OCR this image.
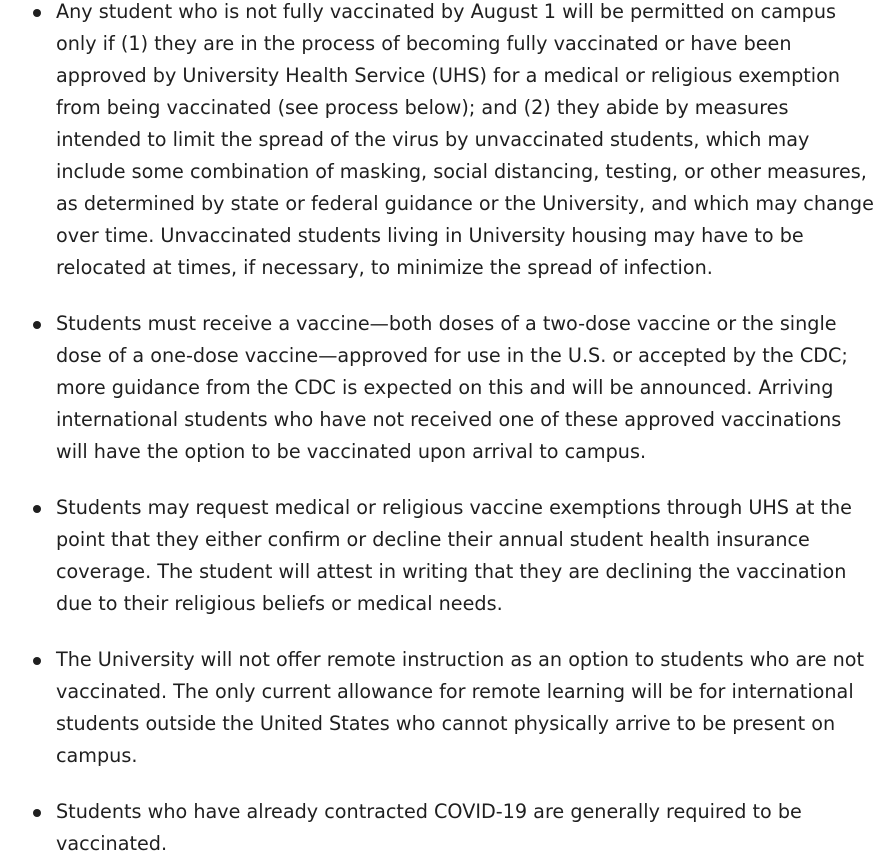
Any student who is not fully vaccinated by August 1 will be permitted on campus only if (1) they are in the process of becoming fully vaccinated or have been approved by University Health Service (UHS) for a medical or religious exemption from being vaccinated (see process below); and (2) they abide by measures intended to limit the spread of the virus by unvaccinated students, which may include some combination of masking, social distancing, testing, or other measures, as determined by state or federal guidance or the University, and which may change over time. Unvaccinated students living in University housing may have to be relocated at times, if necessary, to minimize the spread of infection.
Students must receive a vaccine—both doses of a two-dose vaccine or the single dose of a one-dose vaccine—approved for use in the U.S. or accepted by the CDC; more guidance from the CDC is expected on this and will be announced. Arriving international students who have not received one of these approved vaccinations will have the option to be vaccinated upon arrival to campus.
Students may request medical or religious vaccine exemptions through UHS at the point that they either confirm or decline their annual student health insurance coverage. The student will attest in writing that they are declining the vaccination due to their religious beliefs or medical needs.
The University will not offer remote instruction as an option to students who are not vaccinated. The only current allowance for remote learning will be for international students outside the United States who cannot physically arrive to be present on campus.
Students who have already contracted COVID-19 are generally required to be vaccinated.
